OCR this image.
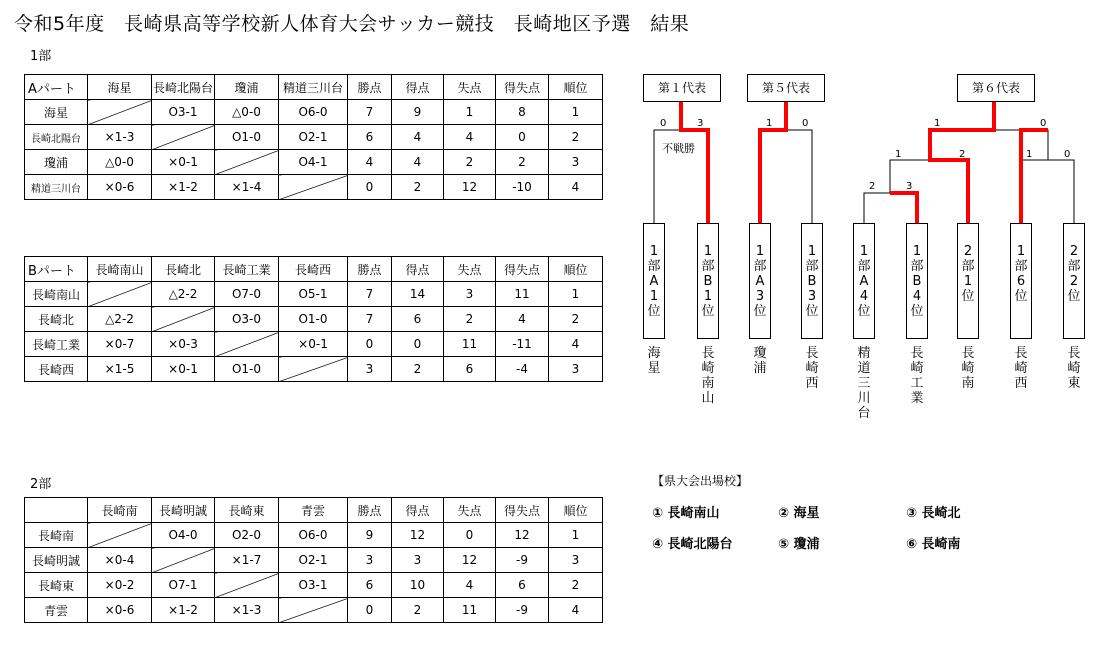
令和5年度　長崎県高等学校新人体育大会サッカー競技　長崎地区予選　結果
1部
Aパート	海星	長崎北陽台	瓊浦	精道三川台	勝点	得点	失点	得失点	順位
海星		O3-1	△0-0	O6-0	7	9	1	8	1
長崎北陽台	×1-3		O1-0	O2-1	6	4	4	0	2
瓊浦	△0-0	×0-1		O4-1	4	4	2	2	3
精道三川台	×0-6	×1-2	×1-4		0	2	12	-10	4
Bパート	長崎南山	長崎北	長崎工業	長崎西	勝点	得点	失点	得失点	順位
長崎南山		△2-2	O7-0	O5-1	7	14	3	11	1
長崎北	△2-2		O3-0	O1-0	7	6	2	4	2
長崎工業	×0-7	×0-3		×0-1	0	0	11	-11	4
長崎西	×1-5	×0-1	O1-0		3	2	6	-4	3
2部
	長崎南	長崎明誠	長崎東	青雲	勝点	得点	失点	得失点	順位
長崎南		O4-0	O2-0	O6-0	9	12	0	12	1
長崎明誠	×0-4		×1-7	O2-1	3	3	12	-9	3
長崎東	×0-2	O7-1		O3-1	6	10	4	6	2
青雲	×0-6	×1-2	×1-3		0	2	11	-9	4
第１代表	第５代表	第６代表
0	3
不戦勝
1	0
2	3
1	2	1	0
1	0
1
部
A
1
位
海
星
1
部
B
1
位
長
崎
南
山
1
部
A
3
位
瓊
浦
1
部
B
3
位
長
崎
西
1
部
A
4
位
精
道
三
川
台
1
部
B
4
位
長
崎
工
業
2
部
1
位
長
崎
南
1
部
6
位
長
崎
西
2
部
2
位
長
崎
東
【県大会出場校】
① 長崎南山	② 海星	③ 長崎北
④ 長崎北陽台	⑤ 瓊浦	⑥ 長崎南
